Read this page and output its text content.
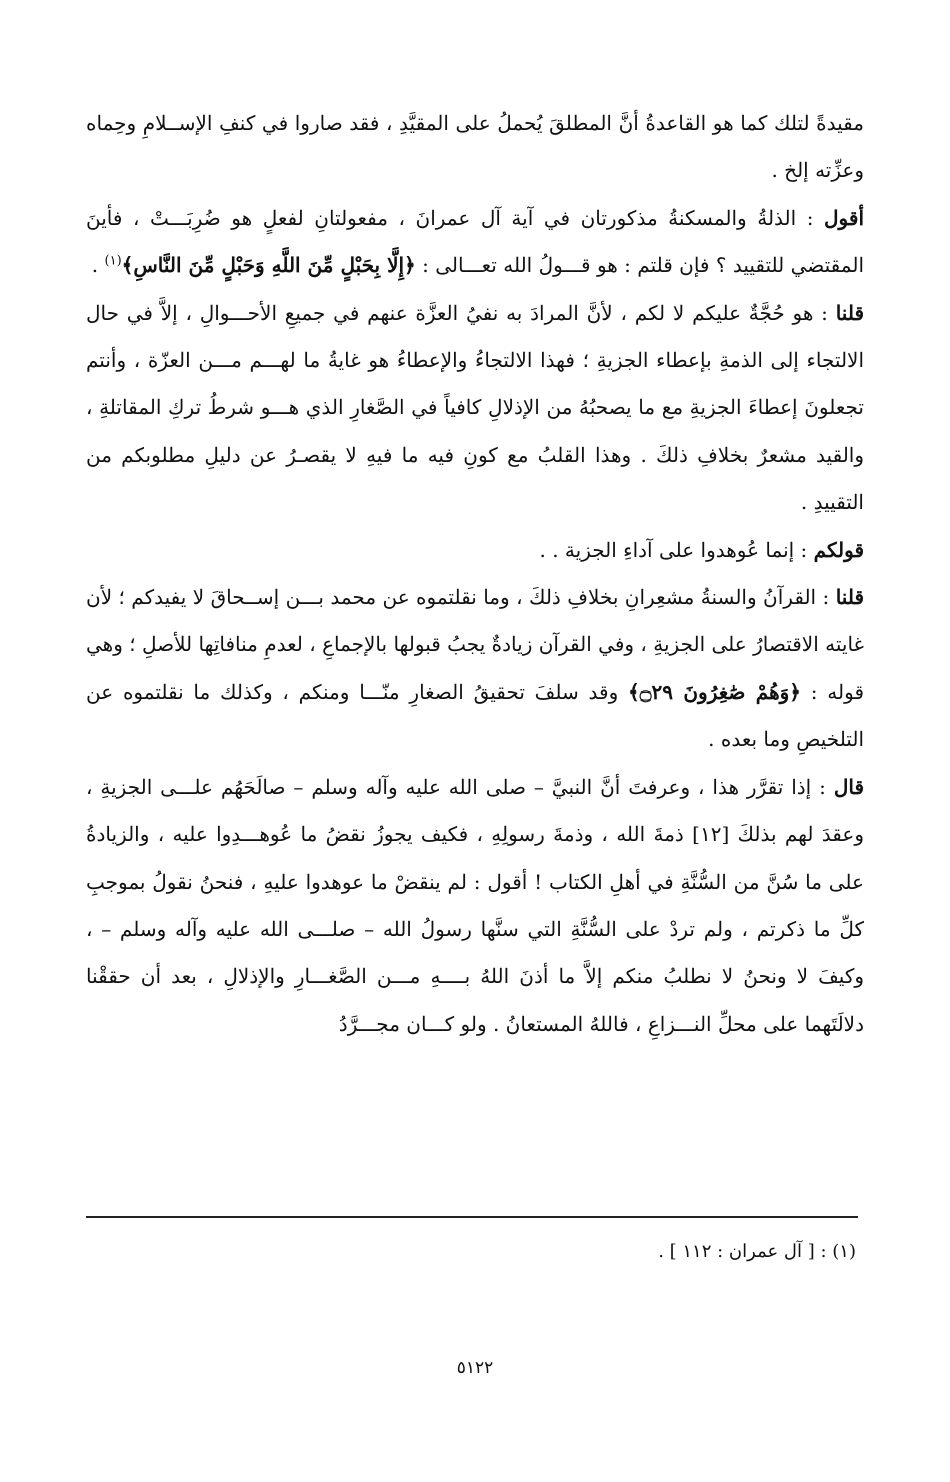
مقيدةً لتلك كما هو القاعدةُ أنَّ المطلقَ يُحملُ على المقيَّدِ ، فقد صاروا في كنفِ الإســلامِ وحِماه وعزِّته إلخ .

أقول : الذلةُ والمسكنةُ مذكورتان في آية آل عمرانَ ، مفعولتانِ لفعلٍ هو ضُرِبَـــتْ ، فأينَ المقتضي للتقييد ؟ فإن قلتم : هو قـــولُ الله تعـــالى : ﴿إِلَّا بِحَبْلٍ مِّنَ اللَّهِ وَحَبْلٍ مِّنَ النَّاسِ﴾$^{(١)}$ .

قلنا : هو حُجَّةٌ عليكم لا لكم ، لأنَّ المرادَ به نفيُ العزَّة عنهم في جميعِ الأحـــوالِ ، إلاَّ في حال الالتجاء إلى الذمةِ بإعطاء الجزيةِ ؛ فهذا الالتجاءُ والإعطاءُ هو غايةُ ما لهـــم مـــن العزّة ، وأنتم تجعلونَ إعطاءَ الجزيةِ مع ما يصحبُهُ من الإذلالِ كافياً في الصَّغارِ الذي هـــو شرطُ تركِ المقاتلةِ ، والقيد مشعرٌ بخلافِ ذلكَ . وهذا القلبُ مع كونِ فيه ما فيهِ لا يقصـرُ عن دليلِ مطلوبكم من التقييدِ .

قولكم : إنما عُوهدوا على آداءِ الجزية . .

قلنا : القرآنُ والسنةُ مشعِرانِ بخلافِ ذلكَ ، وما نقلتموه عن محمد بـــن إســحاقَ لا يفيدكم ؛ لأن غايته الاقتصارُ على الجزيةِ ، وفي القرآن زيادةٌ يجبُ قبولها بالإجماعِ ، لعدمِ منافاتِها للأصلِ ؛ وهي قوله : ﴿وَهُمْ صَٰغِرُونَ ۝٢٩﴾ وقد سلفَ تحقيقُ الصغارِ منّـــا ومنكم ، وكذلك ما نقلتموه عن التلخيصِ وما بعده .

قال : إذا تقرَّر هذا ، وعرفتَ أنَّ النبيَّ – صلى الله عليه وآله وسلم – صالَحَهُم علـــى الجزيةِ ، وعقدَ لهم بذلكَ [١٢] ذمةَ الله ، وذمةَ رسولِهِ ، فكيف يجوزُ نقضُ ما عُوهـــدِوا عليه ، والزيادةُ على ما سُنَّ من السُّنَّةِ في أهلِ الكتاب ! أقول : لم ينقضْ ما عوهدوا عليهِ ، فنحنُ نقولُ بموجبِ كلِّ ما ذكرتم ، ولم تردْ على السُّنَّةِ التي سنَّها رسولُ الله – صلـــى الله عليه وآله وسلم – ، وكيفَ لا ونحنُ لا نطلبُ منكم إلاَّ ما أذنَ اللهُ بــــهِ مـــن الصَّغـــارِ والإذلالِ ، بعد أن حققْنا دلالَتَهما على محلِّ النـــزاعِ ، فاللهُ المستعانُ . ولو كـــان مجـــرَّدُ

(١) : [ آل عمران : ١١٢ ] .
٥١٢٢
